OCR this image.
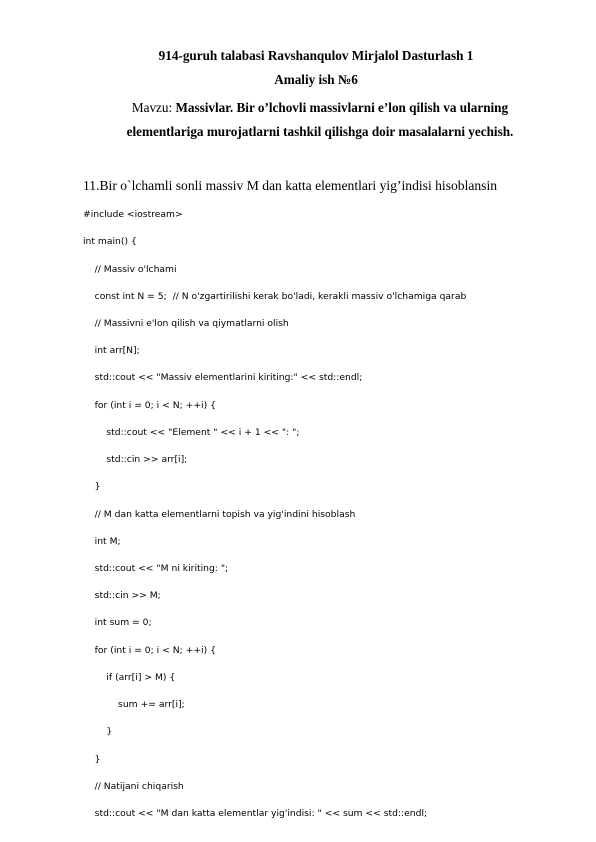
914-guruh talabasi Ravshanqulov Mirjalol Dasturlash 1
Amaliy ish №6
Mavzu: Massivlar. Bir o’lchovli massivlarni e’lon qilish va ularning elementlariga murojatlarni tashkil qilishga doir masalalarni yechish.
11.Bir o`lchamli sonli massiv M dan katta elementlari yig’indisi hisoblansin
#include <iostream>
int main() {
// Massiv o'lchami
const int N = 5;  // N o'zgartirilishi kerak bo'ladi, kerakli massiv o'lchamiga qarab
// Massivni e'lon qilish va qiymatlarni olish
int arr[N];
std::cout << "Massiv elementlarini kiriting:" << std::endl;
for (int i = 0; i < N; ++i) {
std::cout << "Element " << i + 1 << ": ";
std::cin >> arr[i];
}
// M dan katta elementlarni topish va yig'indini hisoblash
int M;
std::cout << "M ni kiriting: ";
std::cin >> M;
int sum = 0;
for (int i = 0; i < N; ++i) {
if (arr[i] > M) {
sum += arr[i];
}
}
// Natijani chiqarish
std::cout << "M dan katta elementlar yig'indisi: " << sum << std::endl;
